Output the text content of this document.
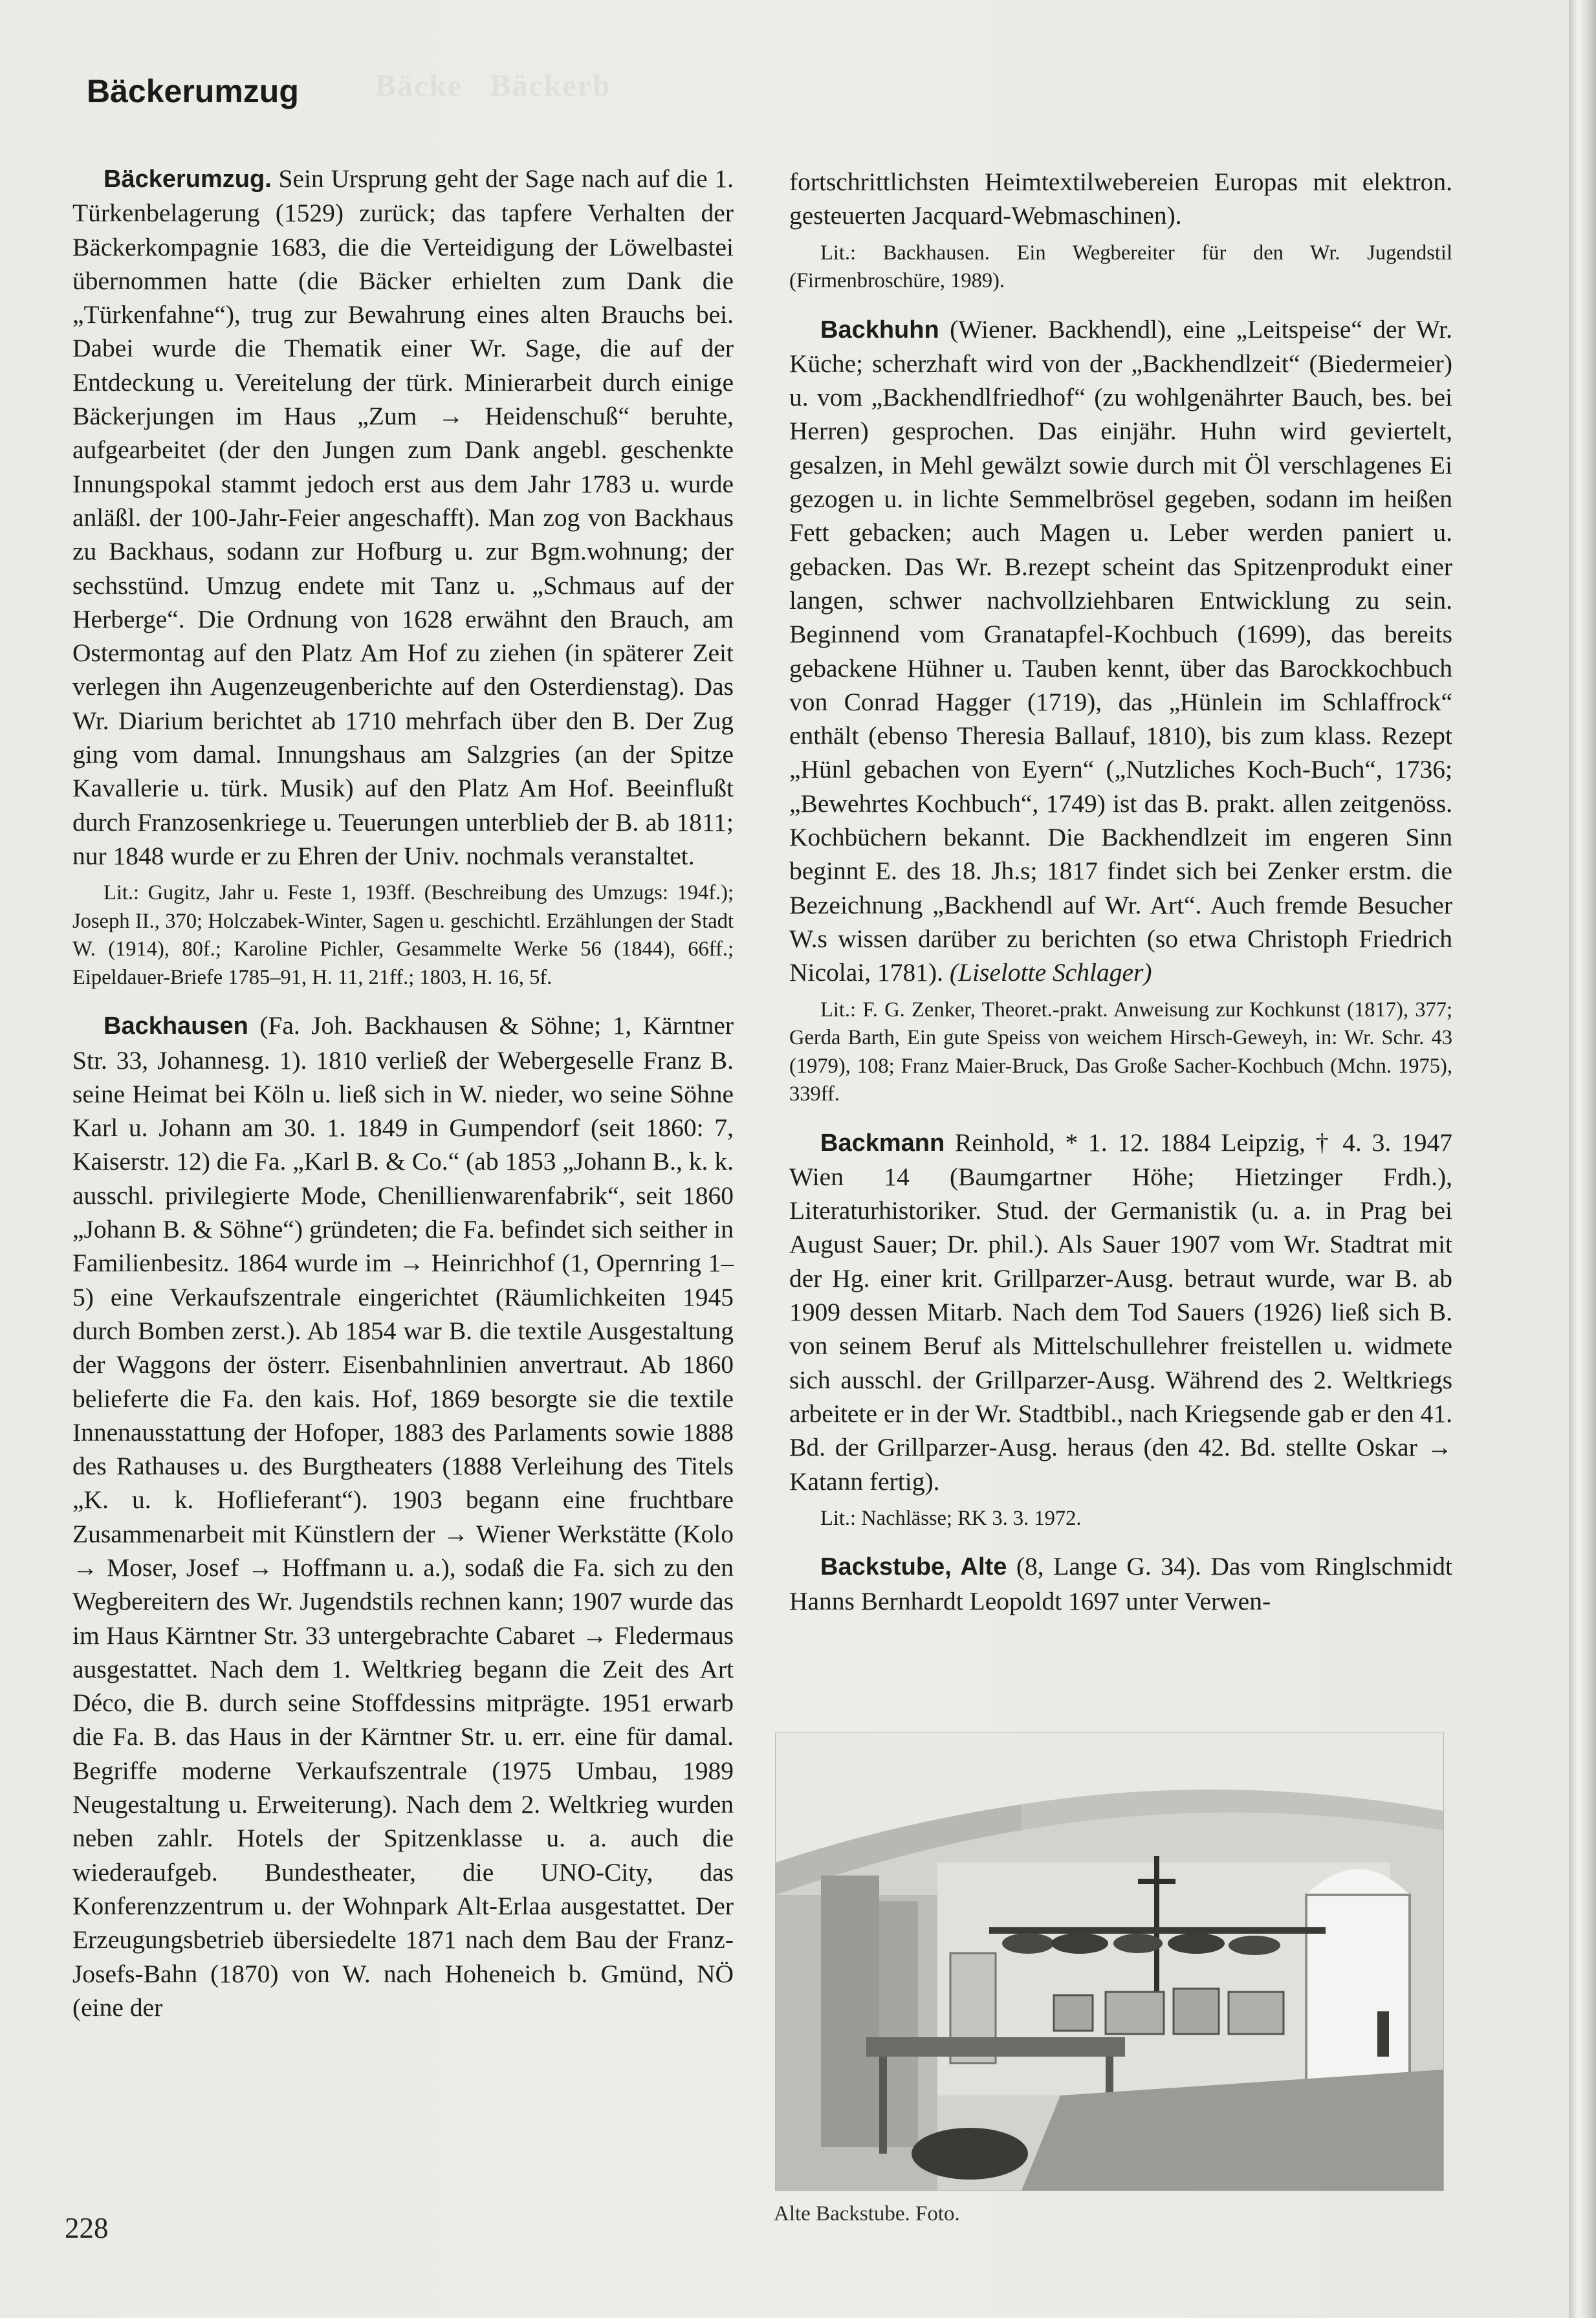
Bäcke   Bäckerb
Bäckerumzug

Bäckerumzug. Sein Ursprung geht der Sage nach auf die 1. Türkenbelagerung (1529) zurück; das tapfere Verhalten der Bäckerkompagnie 1683, die die Verteidigung der Löwelbastei übernommen hatte (die Bäcker erhielten zum Dank die „Türkenfahne“), trug zur Bewahrung eines alten Brauchs bei. Dabei wurde die Thematik einer Wr. Sage, die auf der Entdeckung u. Vereitelung der türk. Minierarbeit durch einige Bäckerjungen im Haus „Zum → Heidenschuß“ beruhte, aufgearbeitet (der den Jungen zum Dank angebl. geschenkte Innungspokal stammt jedoch erst aus dem Jahr 1783 u. wurde anläßl. der 100-Jahr-Feier angeschafft). Man zog von Backhaus zu Backhaus, sodann zur Hofburg u. zur Bgm.wohnung; der sechsstünd. Umzug endete mit Tanz u. „Schmaus auf der Herberge“. Die Ordnung von 1628 erwähnt den Brauch, am Ostermontag auf den Platz Am Hof zu ziehen (in späterer Zeit verlegen ihn Augenzeugenberichte auf den Osterdienstag). Das Wr. Diarium berichtet ab 1710 mehrfach über den B. Der Zug ging vom damal. Innungshaus am Salzgries (an der Spitze Kavallerie u. türk. Musik) auf den Platz Am Hof. Beeinflußt durch Franzosenkriege u. Teuerungen unterblieb der B. ab 1811; nur 1848 wurde er zu Ehren der Univ. nochmals veranstaltet.

Lit.: Gugitz, Jahr u. Feste 1, 193ff. (Beschreibung des Umzugs: 194f.); Joseph II., 370; Holczabek-Winter, Sagen u. geschichtl. Erzählungen der Stadt W. (1914), 80f.; Karoline Pichler, Gesammelte Werke 56 (1844), 66ff.; Eipeldauer-Briefe 1785–91, H. 11, 21ff.; 1803, H. 16, 5f.

Backhausen (Fa. Joh. Backhausen & Söhne; 1, Kärntner Str. 33, Johannesg. 1). 1810 verließ der Webergeselle Franz B. seine Heimat bei Köln u. ließ sich in W. nieder, wo seine Söhne Karl u. Johann am 30. 1. 1849 in Gumpendorf (seit 1860: 7, Kaiserstr. 12) die Fa. „Karl B. & Co.“ (ab 1853 „Johann B., k. k. ausschl. privilegierte Mode, Chenillienwarenfabrik“, seit 1860 „Johann B. & Söhne“) gründeten; die Fa. befindet sich seither in Familienbesitz. 1864 wurde im → Heinrichhof (1, Opernring 1–5) eine Verkaufszentrale eingerichtet (Räumlichkeiten 1945 durch Bomben zerst.). Ab 1854 war B. die textile Ausgestaltung der Waggons der österr. Eisenbahnlinien anvertraut. Ab 1860 belieferte die Fa. den kais. Hof, 1869 besorgte sie die textile Innenausstattung der Hofoper, 1883 des Parlaments sowie 1888 des Rathauses u. des Burgtheaters (1888 Verleihung des Titels „K. u. k. Hoflieferant“). 1903 begann eine fruchtbare Zusammenarbeit mit Künstlern der → Wiener Werkstätte (Kolo → Moser, Josef → Hoffmann u. a.), sodaß die Fa. sich zu den Wegbereitern des Wr. Jugendstils rechnen kann; 1907 wurde das im Haus Kärntner Str. 33 untergebrachte Cabaret → Fledermaus ausgestattet. Nach dem 1. Weltkrieg begann die Zeit des Art Déco, die B. durch seine Stoffdessins mitprägte. 1951 erwarb die Fa. B. das Haus in der Kärntner Str. u. err. eine für damal. Begriffe moderne Verkaufszentrale (1975 Umbau, 1989 Neugestaltung u. Erweiterung). Nach dem 2. Weltkrieg wurden neben zahlr. Hotels der Spitzenklasse u. a. auch die wiederaufgeb. Bundestheater, die UNO-City, das Konferenzzentrum u. der Wohnpark Alt-Erlaa ausgestattet. Der Erzeugungsbetrieb übersiedelte 1871 nach dem Bau der Franz-Josefs-Bahn (1870) von W. nach Hoheneich b. Gmünd, NÖ (eine der

fortschrittlichsten Heimtextilwebereien Europas mit elektron. gesteuerten Jacquard-Webmaschinen).

Lit.: Backhausen. Ein Wegbereiter für den Wr. Jugendstil (Firmenbroschüre, 1989).

Backhuhn (Wiener. Backhendl), eine „Leitspeise“ der Wr. Küche; scherzhaft wird von der „Backhendlzeit“ (Biedermeier) u. vom „Backhendlfriedhof“ (zu wohlgenährter Bauch, bes. bei Herren) gesprochen. Das einjähr. Huhn wird geviertelt, gesalzen, in Mehl gewälzt sowie durch mit Öl verschlagenes Ei gezogen u. in lichte Semmelbrösel gegeben, sodann im heißen Fett gebacken; auch Magen u. Leber werden paniert u. gebacken. Das Wr. B.rezept scheint das Spitzenprodukt einer langen, schwer nachvollziehbaren Entwicklung zu sein. Beginnend vom Granatapfel-Kochbuch (1699), das bereits gebackene Hühner u. Tauben kennt, über das Barockkochbuch von Conrad Hagger (1719), das „Hünlein im Schlaffrock“ enthält (ebenso Theresia Ballauf, 1810), bis zum klass. Rezept „Hünl gebachen von Eyern“ („Nutzliches Koch-Buch“, 1736; „Bewehrtes Kochbuch“, 1749) ist das B. prakt. allen zeitgenöss. Kochbüchern bekannt. Die Backhendlzeit im engeren Sinn beginnt E. des 18. Jh.s; 1817 findet sich bei Zenker erstm. die Bezeichnung „Backhendl auf Wr. Art“. Auch fremde Besucher W.s wissen darüber zu berichten (so etwa Christoph Friedrich Nicolai, 1781). (Liselotte Schlager)

Lit.: F. G. Zenker, Theoret.-prakt. Anweisung zur Kochkunst (1817), 377; Gerda Barth, Ein gute Speiss von weichem Hirsch-Geweyh, in: Wr. Schr. 43 (1979), 108; Franz Maier-Bruck, Das Große Sacher-Kochbuch (Mchn. 1975), 339ff.

Backmann Reinhold, * 1. 12. 1884 Leipzig, † 4. 3. 1947 Wien 14 (Baumgartner Höhe; Hietzinger Frdh.), Literaturhistoriker. Stud. der Germanistik (u. a. in Prag bei August Sauer; Dr. phil.). Als Sauer 1907 vom Wr. Stadtrat mit der Hg. einer krit. Grillparzer-Ausg. betraut wurde, war B. ab 1909 dessen Mitarb. Nach dem Tod Sauers (1926) ließ sich B. von seinem Beruf als Mittelschullehrer freistellen u. widmete sich ausschl. der Grillparzer-Ausg. Während des 2. Weltkriegs arbeitete er in der Wr. Stadtbibl., nach Kriegsende gab er den 41. Bd. der Grillparzer-Ausg. heraus (den 42. Bd. stellte Oskar → Katann fertig).

Lit.: Nachlässe; RK 3. 3. 1972.

Backstube, Alte (8, Lange G. 34). Das vom Ringlschmidt Hanns Bernhardt Leopoldt 1697 unter Verwen-

Alte Backstube. Foto.
228
